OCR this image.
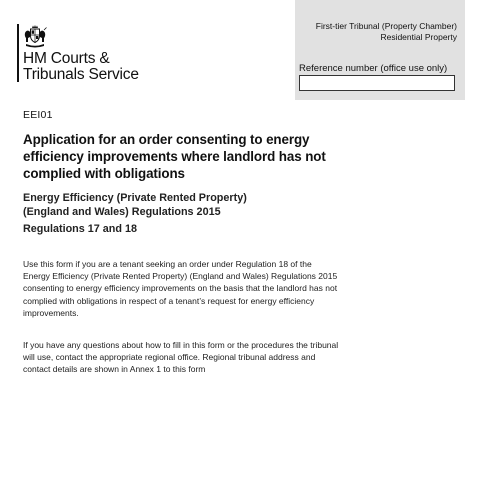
HM Courts &
Tribunals Service
First-tier Tribunal (Property Chamber)
Residential Property
Reference number (office use only)
EEI01
Application for an order consenting to energy efficiency improvements where landlord has not complied with obligations
Energy Efficiency (Private Rented Property)
(England and Wales) Regulations 2015
Regulations 17 and 18

Use this form if you are a tenant seeking an order under Regulation 18 of the Energy Efficiency (Private Rented Property) (England and Wales) Regulations 2015 consenting to energy efficiency improvements on the basis that the landlord has not complied with obligations in respect of a tenant’s request for energy efficiency improvements.

If you have any questions about how to fill in this form or the procedures the tribunal will use, contact the appropriate regional office. Regional tribunal address and contact details are shown in Annex 1 to this form
